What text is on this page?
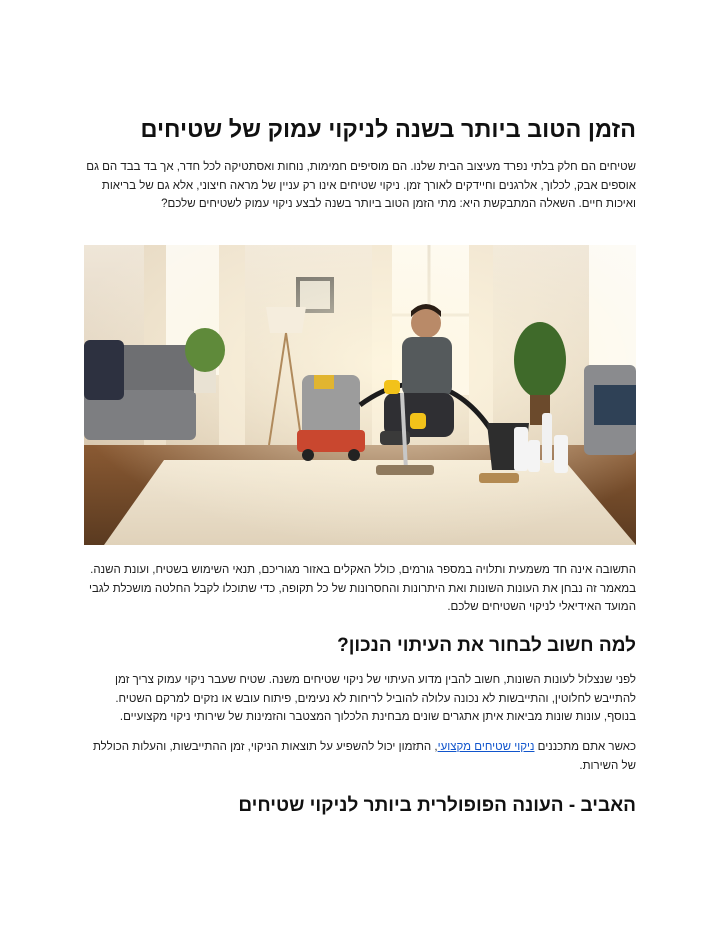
הזמן הטוב ביותר בשנה לניקוי עמוק של שטיחים

שטיחים הם חלק בלתי נפרד מעיצוב הבית שלנו. הם מוסיפים חמימות, נוחות ואסתטיקה לכל חדר, אך בד בבד הם גם אוספים אבק, לכלוך, אלרגנים וחיידקים לאורך זמן. ניקוי שטיחים אינו רק עניין של מראה חיצוני, אלא גם של בריאות ואיכות חיים. השאלה המתבקשת היא: מתי הזמן הטוב ביותר בשנה לבצע ניקוי עמוק לשטיחים שלכם?

התשובה אינה חד משמעית ותלויה במספר גורמים, כולל האקלים באזור מגוריכם, תנאי השימוש בשטיח, ועונת השנה. במאמר זה נבחן את העונות השונות ואת היתרונות והחסרונות של כל תקופה, כדי שתוכלו לקבל החלטה מושכלת לגבי המועד האידיאלי לניקוי השטיחים שלכם.

למה חשוב לבחור את העיתוי הנכון?

לפני שנצלול לעונות השונות, חשוב להבין מדוע העיתוי של ניקוי שטיחים משנה. שטיח שעבר ניקוי עמוק צריך זמן להתייבש לחלוטין, והתייבשות לא נכונה עלולה להוביל לריחות לא נעימים, פיתוח עובש או נזקים למרקם השטיח. בנוסף, עונות שונות מביאות איתן אתגרים שונים מבחינת הלכלוך המצטבר והזמינות של שירותי ניקוי מקצועיים.

כאשר אתם מתכננים ניקוי שטיחים מקצועי, התזמון יכול להשפיע על תוצאות הניקוי, זמן ההתייבשות, והעלות הכוללת של השירות.

האביב - העונה הפופולרית ביותר לניקוי שטיחים
